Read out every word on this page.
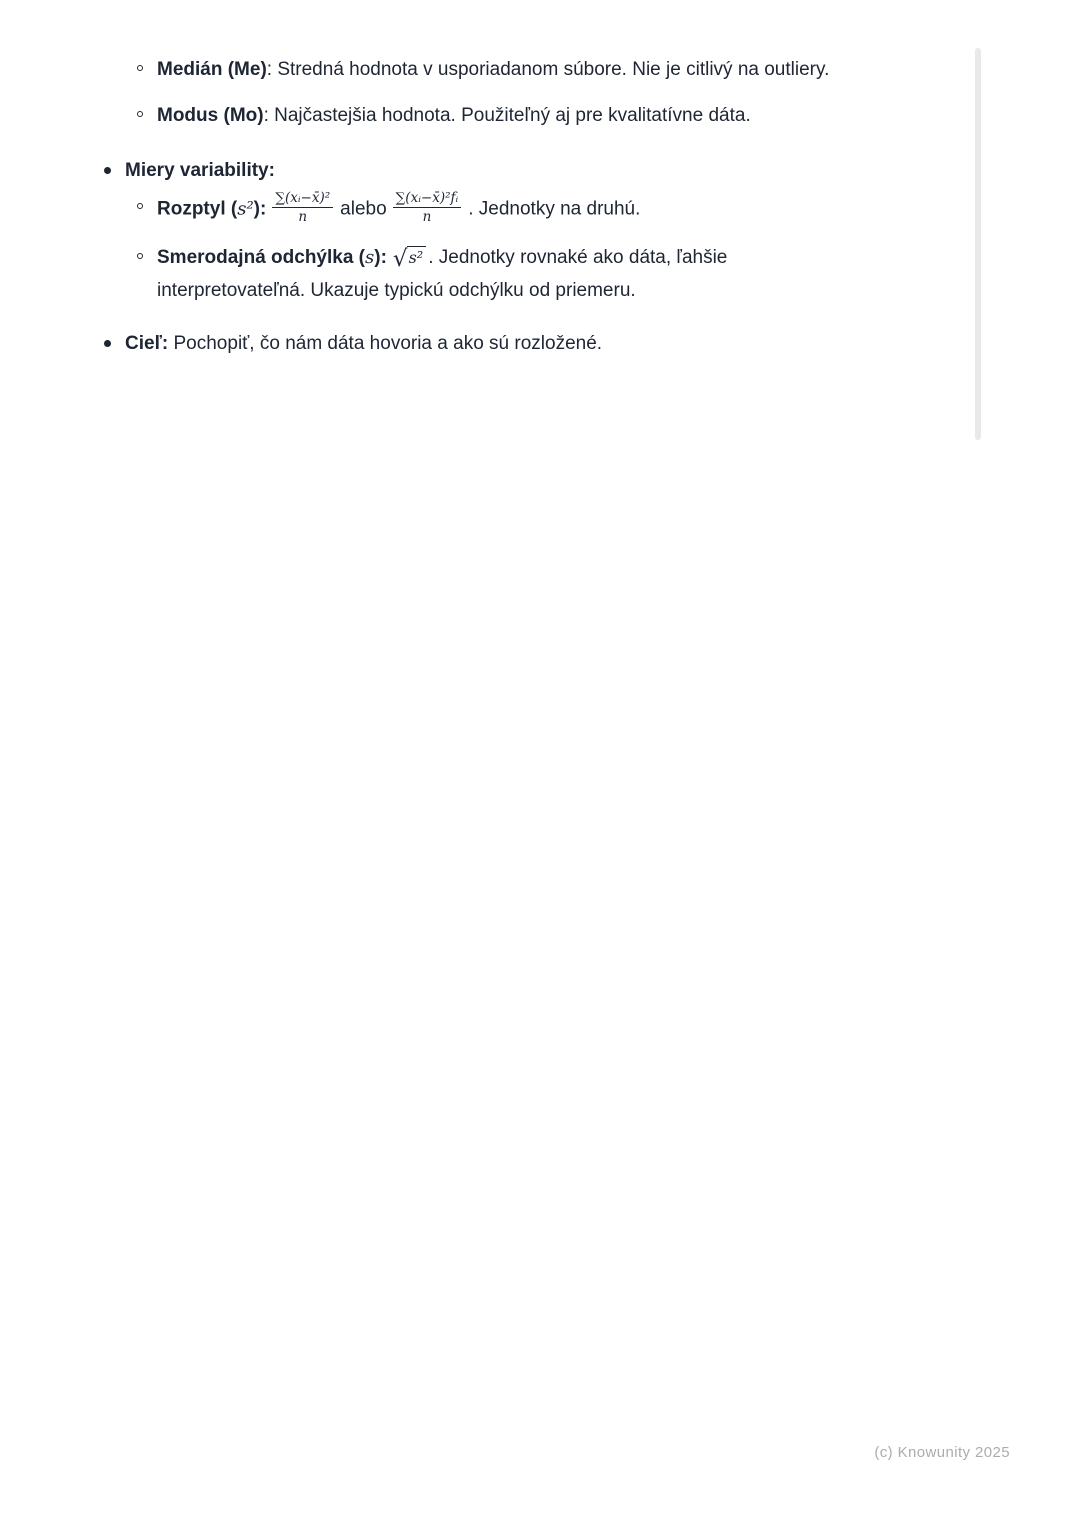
Medián (Me): Stredná hodnota v usporiadanom súbore. Nie je citlivý na outliery.
Modus (Mo): Najčastejšia hodnota. Použiteľný aj pre kvalitatívne dáta.
Miery variability:
Rozptyl (s²): $\frac{\text{∑(xᵢ−x̄)²}}{n}$ alebo $\frac{\text{∑(xᵢ−x̄)²fᵢ}}{n}$ . Jednotky na druhú.
Smerodajná odchýlka (s): √ s² . Jednotky rovnaké ako dáta, ľahšie interpretovateľná. Ukazuje typickú odchýlku od priemeru.
Cieľ: Pochopiť, čo nám dáta hovoria a ako sú rozložené.
(c) Knowunity 2025
